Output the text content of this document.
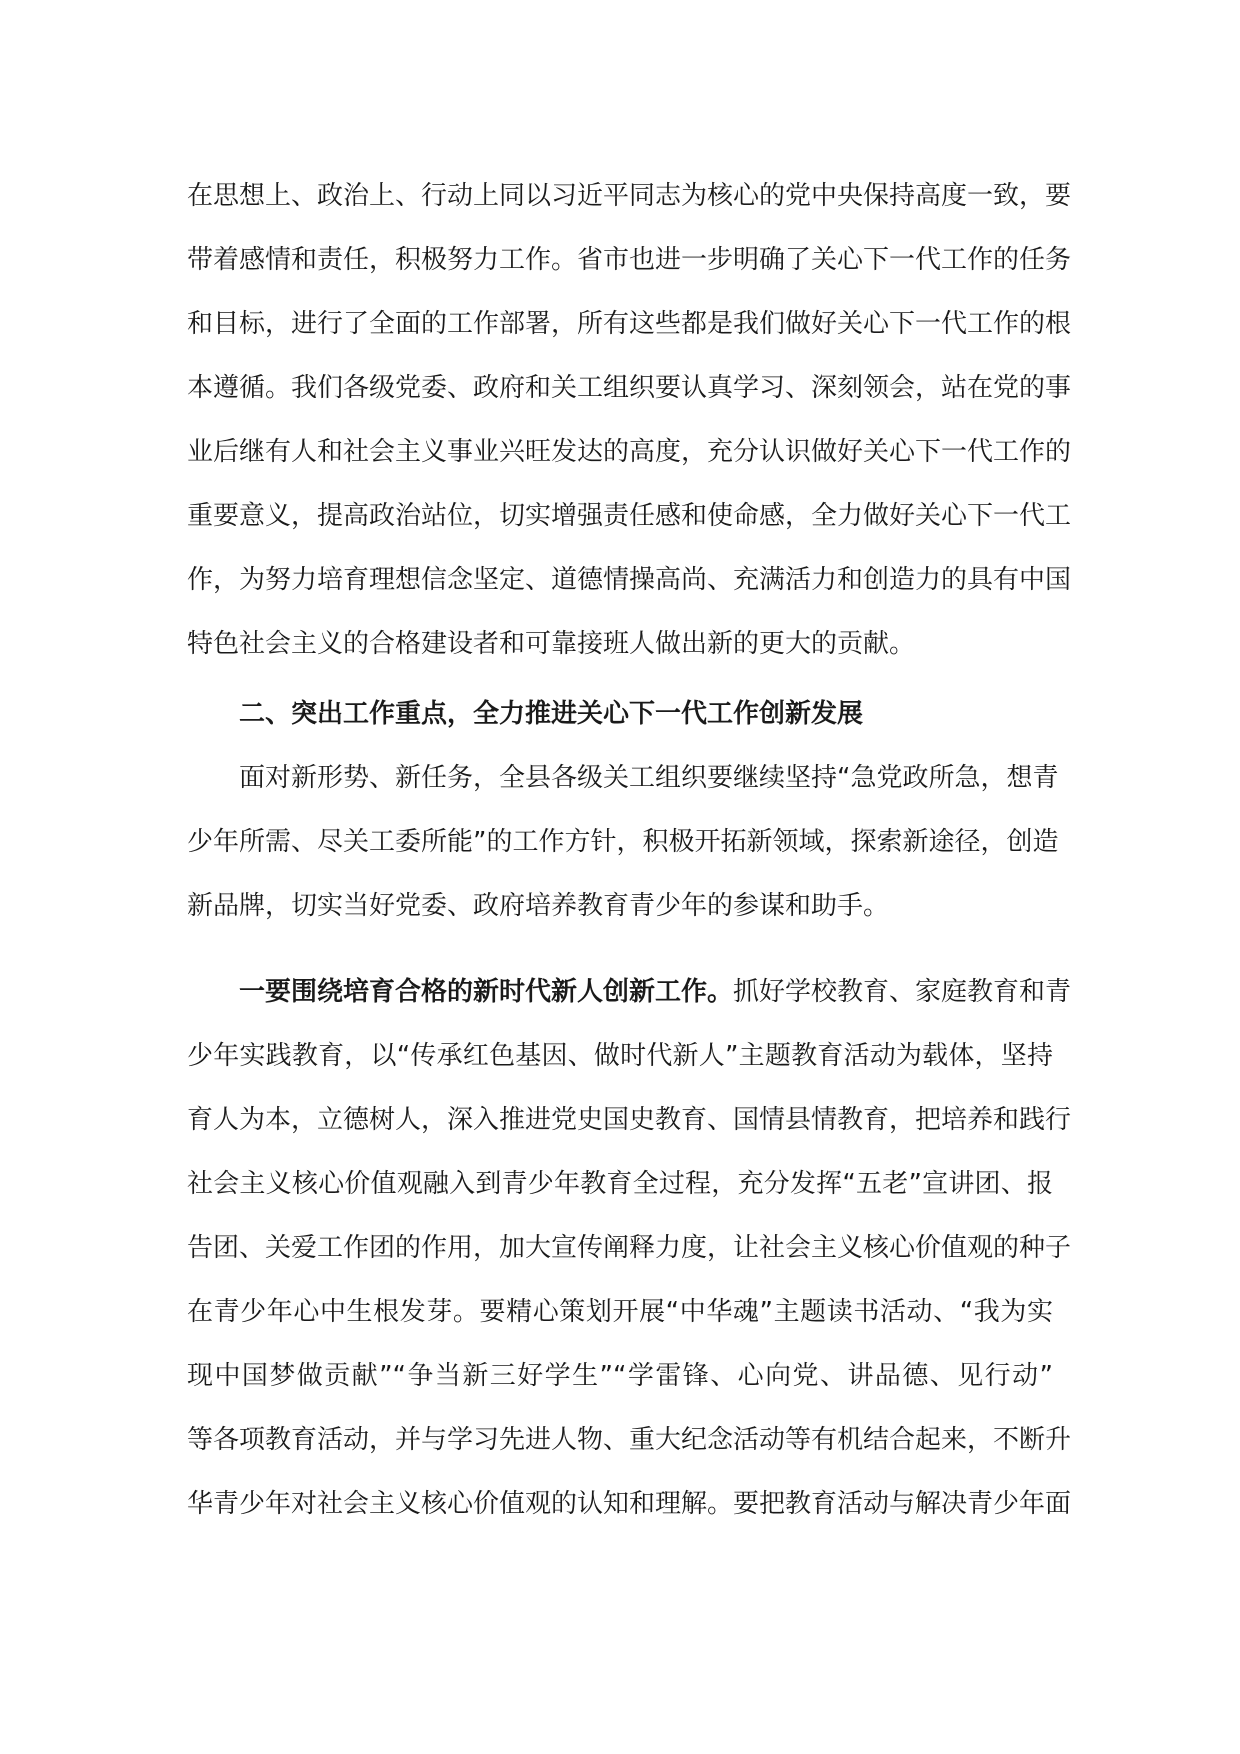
在思想上、政治上、行动上同以习近平同志为核心的党中央保持高度一致，要
带着感情和责任，积极努力工作。省市也进一步明确了关心下一代工作的任务
和目标，进行了全面的工作部署，所有这些都是我们做好关心下一代工作的根
本遵循。我们各级党委、政府和关工组织要认真学习、深刻领会，站在党的事
业后继有人和社会主义事业兴旺发达的高度，充分认识做好关心下一代工作的
重要意义，提高政治站位，切实增强责任感和使命感，全力做好关心下一代工
作，为努力培育理想信念坚定、道德情操高尚、充满活力和创造力的具有中国
特色社会主义的合格建设者和可靠接班人做出新的更大的贡献。
二、突出工作重点，全力推进关心下一代工作创新发展
面对新形势、新任务，全县各级关工组织要继续坚持“急党政所急，想青
少年所需、尽关工委所能”的工作方针，积极开拓新领域，探索新途径，创造
新品牌，切实当好党委、政府培养教育青少年的参谋和助手。
一要围绕培育合格的新时代新人创新工作。抓好学校教育、家庭教育和青
少年实践教育，以“传承红色基因、做时代新人”主题教育活动为载体，坚持
育人为本，立德树人，深入推进党史国史教育、国情县情教育，把培养和践行
社会主义核心价值观融入到青少年教育全过程，充分发挥“五老”宣讲团、报
告团、关爱工作团的作用，加大宣传阐释力度，让社会主义核心价值观的种子
在青少年心中生根发芽。要精心策划开展“中华魂”主题读书活动、“我为实
现中国梦做贡献”“争当新三好学生”“学雷锋、心向党、讲品德、见行动”
等各项教育活动，并与学习先进人物、重大纪念活动等有机结合起来，不断升
华青少年对社会主义核心价值观的认知和理解。要把教育活动与解决青少年面
